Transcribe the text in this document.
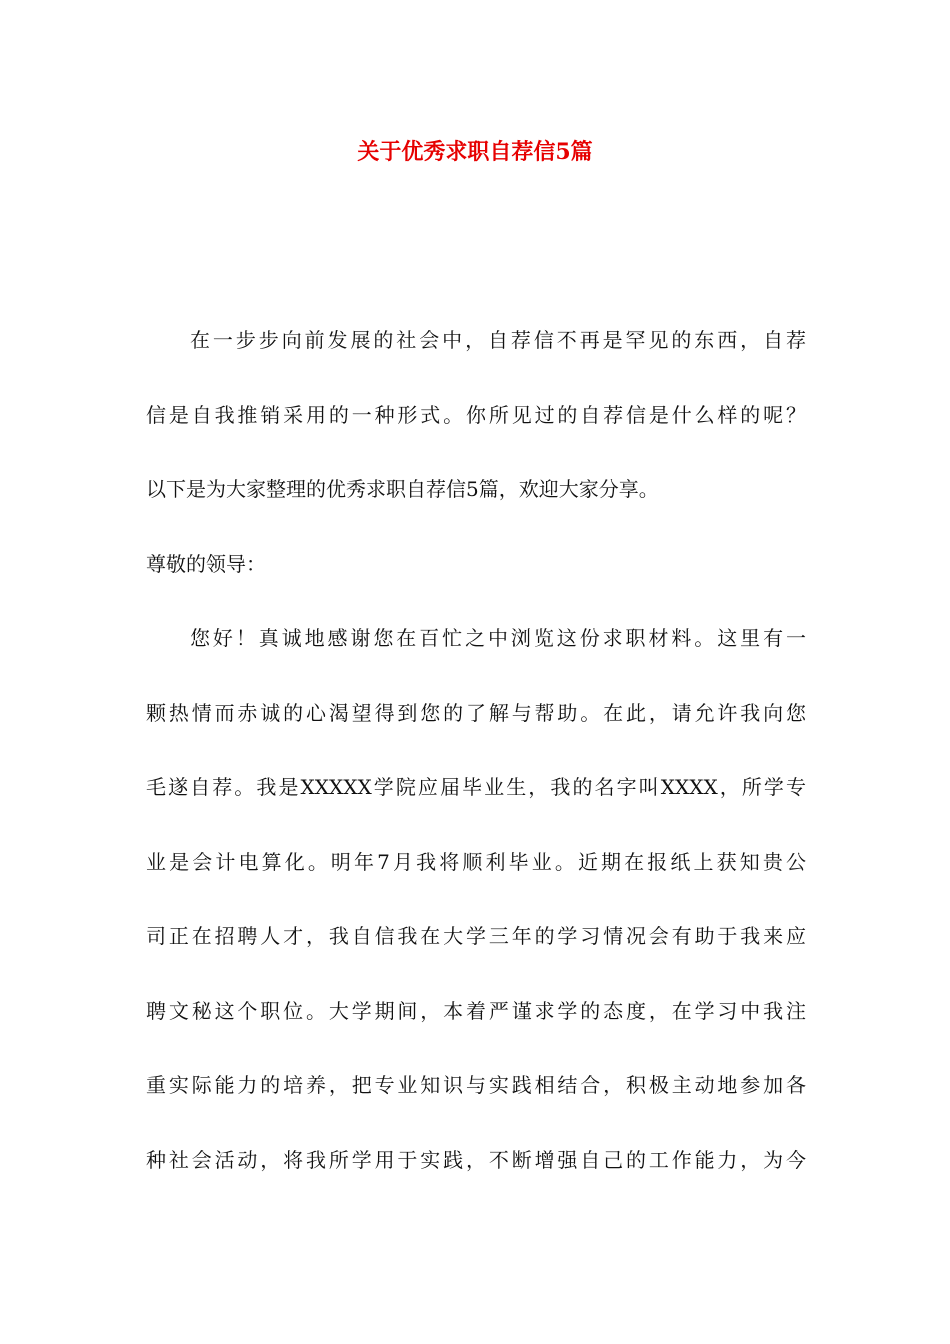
关于优秀求职自荐信5篇
在一步步向前发展的社会中，自荐信不再是罕见的东西，自荐
信是自我推销采用的一种形式。你所见过的自荐信是什么样的呢？
以下是为大家整理的优秀求职自荐信5篇，欢迎大家分享。
尊敬的领导：
您好！真诚地感谢您在百忙之中浏览这份求职材料。这里有一
颗热情而赤诚的心渴望得到您的了解与帮助。在此，请允许我向您
毛遂自荐。我是XXXXX学院应届毕业生，我的名字叫XXXX，所学专
业是会计电算化。明年7月我将顺利毕业。近期在报纸上获知贵公
司正在招聘人才，我自信我在大学三年的学习情况会有助于我来应
聘文秘这个职位。大学期间，本着严谨求学的态度，在学习中我注
重实际能力的培养，把专业知识与实践相结合，积极主动地参加各
种社会活动，将我所学用于实践，不断增强自己的工作能力，为今
